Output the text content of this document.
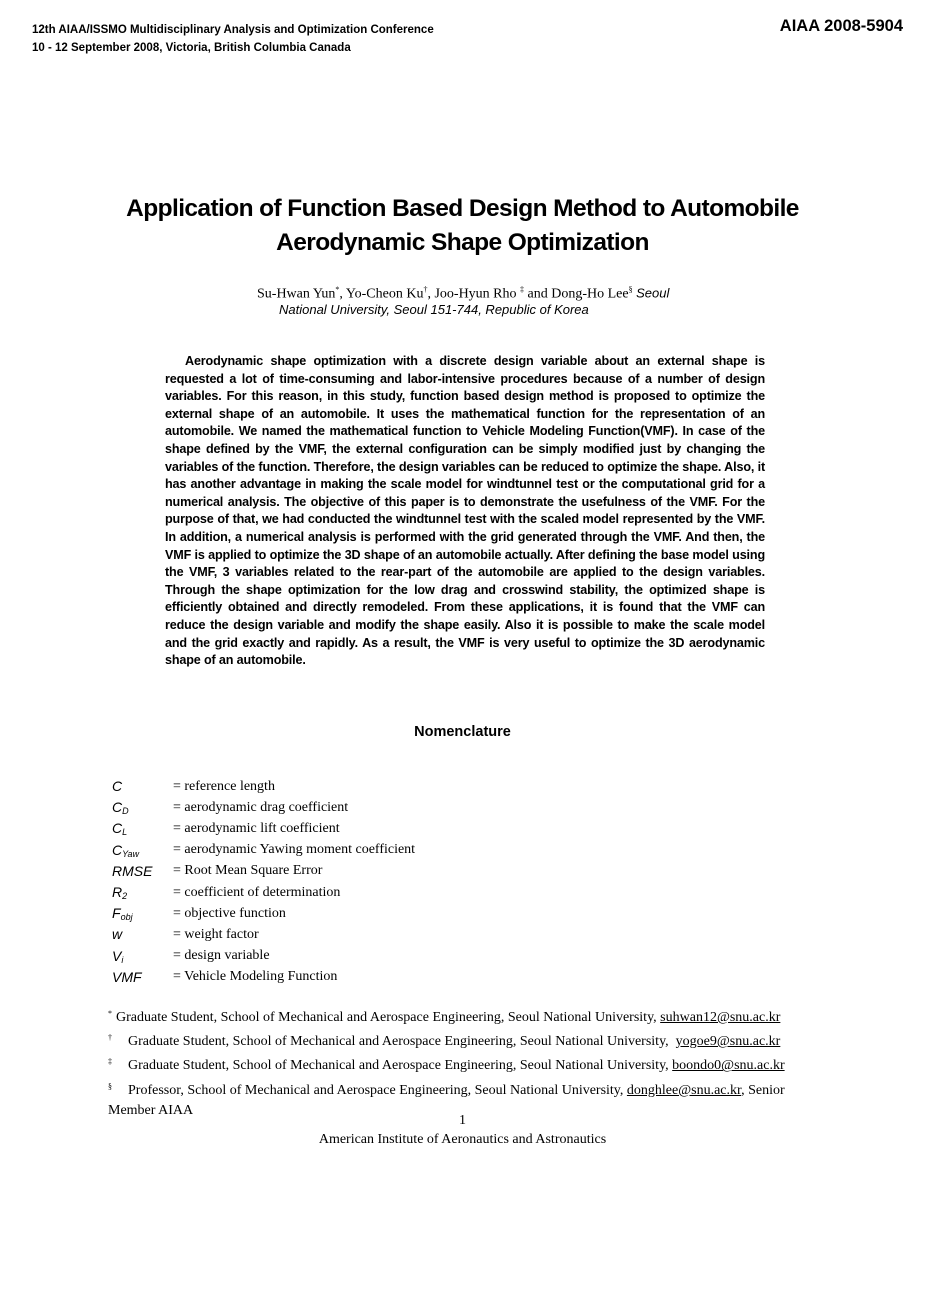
12th AIAA/ISSMO Multidisciplinary Analysis and Optimization Conference
10 - 12 September 2008, Victoria, British Columbia Canada
AIAA 2008-5904
Application of Function Based Design Method to Automobile
Aerodynamic Shape Optimization
Su-Hwan Yun*, Yo-Cheon Ku†, Joo-Hyun Rho ‡ and Dong-Ho Lee§ Seoul
National University, Seoul 151-744, Republic of Korea
Aerodynamic shape optimization with a discrete design variable about an external shape is requested a lot of time-consuming and labor-intensive procedures because of a number of design variables. For this reason, in this study, function based design method is proposed to optimize the external shape of an automobile. It uses the mathematical function for the representation of an automobile. We named the mathematical function to Vehicle Modeling Function(VMF). In case of the shape defined by the VMF, the external configuration can be simply modified just by changing the variables of the function. Therefore, the design variables can be reduced to optimize the shape. Also, it has another advantage in making the scale model for windtunnel test or the computational grid for a numerical analysis. The objective of this paper is to demonstrate the usefulness of the VMF. For the purpose of that, we had conducted the windtunnel test with the scaled model represented by the VMF. In addition, a numerical analysis is performed with the grid generated through the VMF. And then, the VMF is applied to optimize the 3D shape of an automobile actually. After defining the base model using the VMF, 3 variables related to the rear-part of the automobile are applied to the design variables. Through the shape optimization for the low drag and crosswind stability, the optimized shape is efficiently obtained and directly remodeled. From these applications, it is found that the VMF can reduce the design variable and modify the shape easily. Also it is possible to make the scale model and the grid exactly and rapidly. As a result, the VMF is very useful to optimize the 3D aerodynamic shape of an automobile.
Nomenclature
C	= reference length
$C_D$	= aerodynamic drag coefficient
$C_L$	= aerodynamic lift coefficient
$C_{Yaw}$	= aerodynamic Yawing moment coefficient
RMSE	= Root Mean Square Error
$R_2$	= coefficient of determination
$F_{obj}$	= objective function
w	= weight factor
$V_i$	= design variable
VMF	= Vehicle Modeling Function
* Graduate Student, School of Mechanical and Aerospace Engineering, Seoul National University, suhwan12@snu.ac.kr
† Graduate Student, School of Mechanical and Aerospace Engineering, Seoul National University, yogoe9@snu.ac.kr
‡ Graduate Student, School of Mechanical and Aerospace Engineering, Seoul National University, boondo0@snu.ac.kr
§ Professor, School of Mechanical and Aerospace Engineering, Seoul National University, donghlee@snu.ac.kr, Senior
Member AIAA
1
American Institute of Aeronautics and Astronautics
